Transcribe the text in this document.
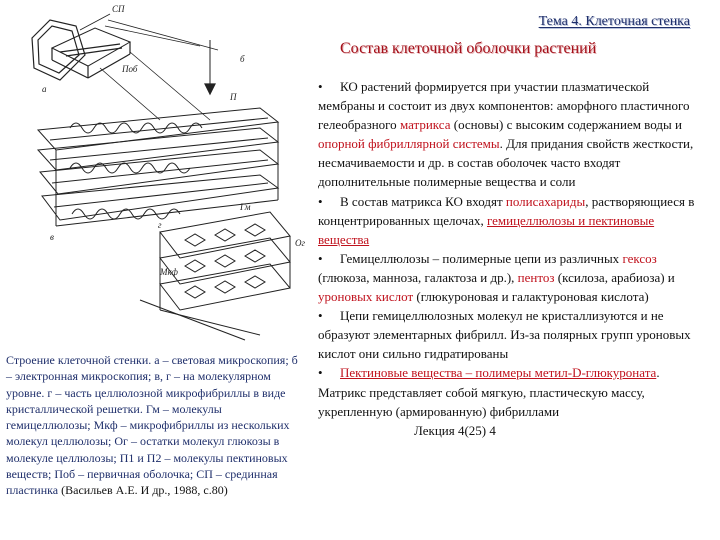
Тема 4. Клеточная стенка
Состав клеточной оболочки растений
СП
Поб
б
а
в
П
Гм
Мкф
г
Ог
Строение клеточной стенки. а – световая микроскопия; б – электронная микроскопия; в, г – на молекулярном уровне. г – часть целлюлозной микрофибриллы в виде кристаллической решетки. Гм – молекулы гемицеллюлозы; Мкф – микрофибриллы из нескольких молекул целлюлозы; Ог – остатки молекул глюкозы в молекуле целлюлозы; П1 и П2 – молекулы пектиновых веществ; Поб – первичная оболочка; СП – срединная пластинка (Васильев А.Е. И др., 1988, с.80)
• КО растений формируется при участии плазматической мембраны и состоит из двух компонентов: аморфного пластичного гелеобразного матрикса (основы) с высоким содержанием воды и опорной фибриллярной системы. Для придания свойств жесткости, несмачиваемости и др. в состав оболочек часто входят дополнительные полимерные вещества и соли
• В состав матрикса КО входят полисахариды, растворяющиеся в концентрированных щелочах, гемицеллюлозы и пектиновые вещества
• Гемицеллюлозы – полимерные цепи из различных гексоз (глюкоза, манноза, галактоза и др.), пентоз (ксилоза, арабиоза) и уроновых кислот (глюкуроновая и галактуроновая кислота)
• Цепи гемицеллюлозных молекул не кристаллизуются и не образуют элементарных фибрилл. Из-за полярных групп уроновых кислот они сильно гидратированы
• Пектиновые вещества – полимеры метил-D-глюкуроната. Матрикс представляет собой мягкую, пластическую массу, укрепленную (армированную) фибрилламиЛекция 4(25) 4
